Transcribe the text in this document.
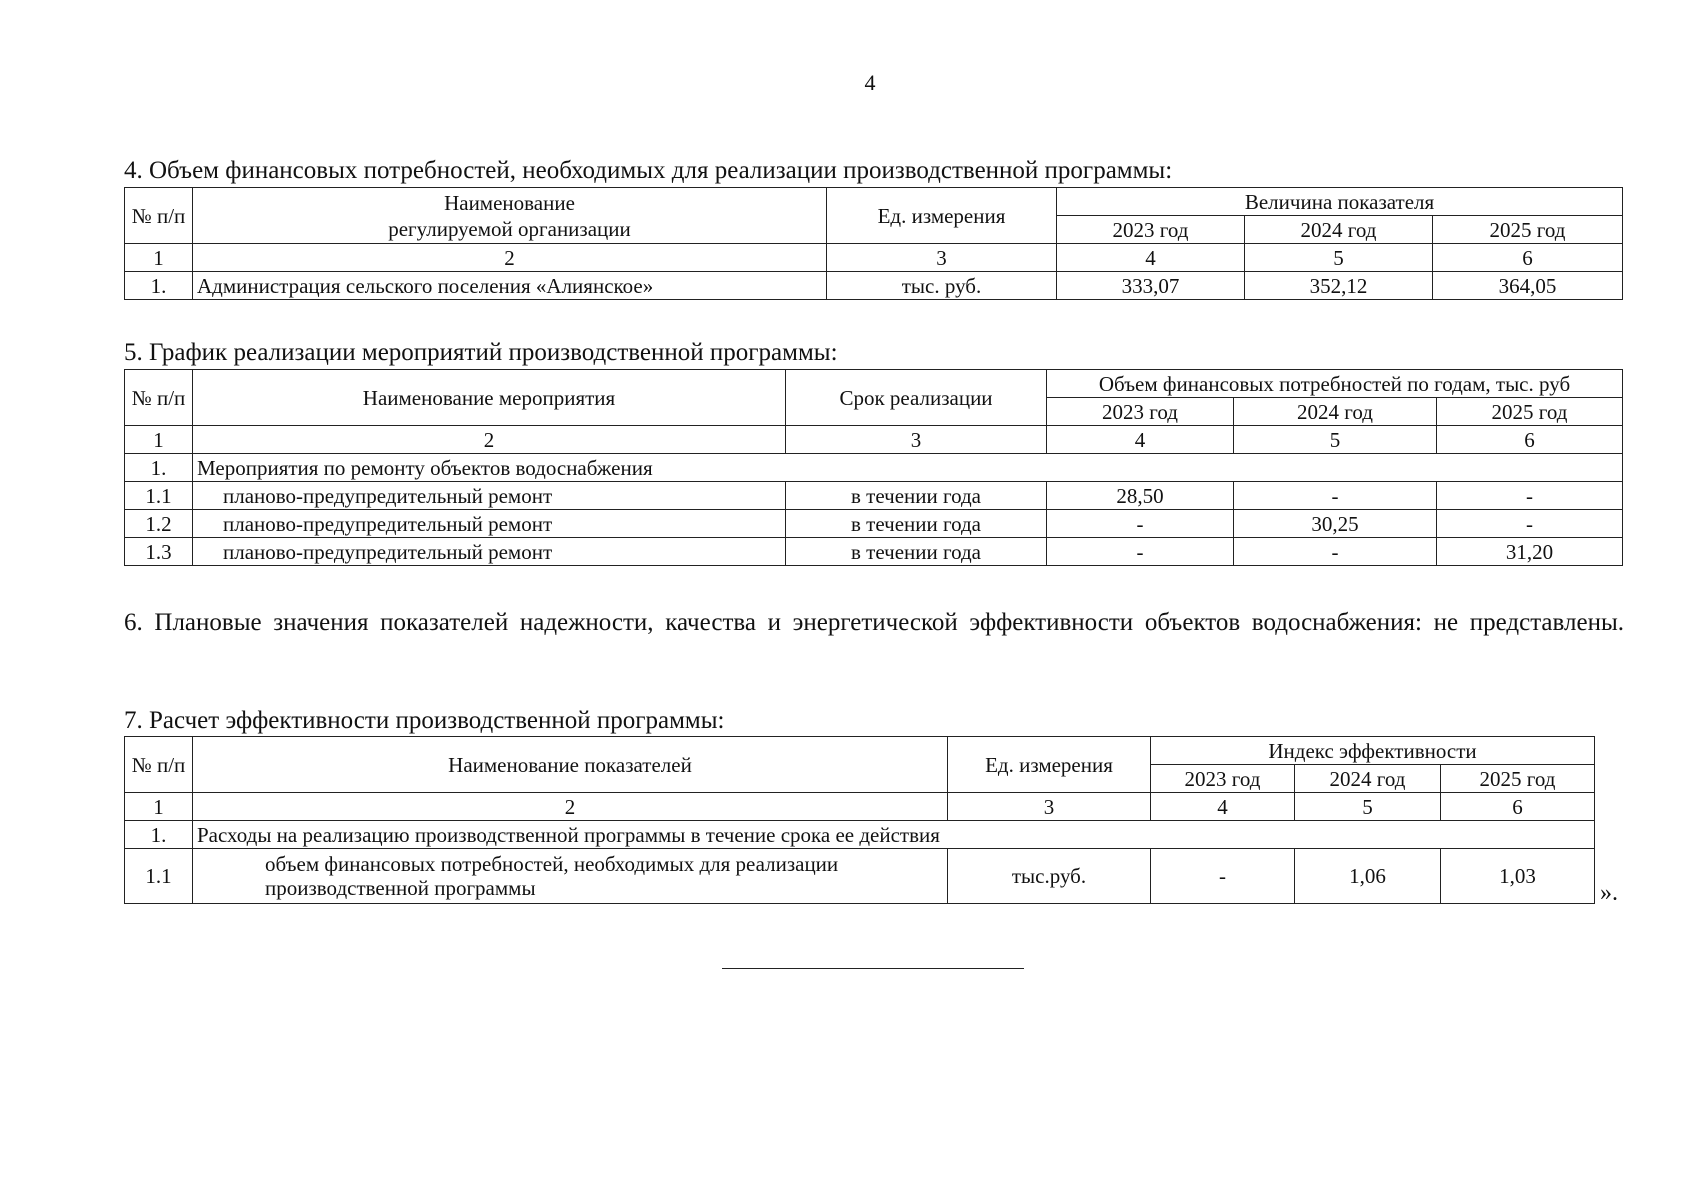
4
4. Объем финансовых потребностей, необходимых для реализации производственной программы:
№ п/п	Наименование регулируемой организации	Ед. измерения	Величина показателя		
			2023 год	2024 год	2025 год
1	2	3	4	5	6
1.	Администрация сельского поселения «Алиянское»	тыс. руб.	333,07	352,12	364,05
5. График реализации мероприятий производственной программы:
№ п/п	Наименование мероприятия	Срок реализации	Объем финансовых потребностей по годам, тыс. руб		
			2023 год	2024 год	2025 год
1	2	3	4	5	6
1.	Мероприятия по ремонту объектов водоснабжения				
1.1	планово-предупредительный ремонт	в течении года	28,50	-	-
1.2	планово-предупредительный ремонт	в течении года	-	30,25	-
1.3	планово-предупредительный ремонт	в течении года	-	-	31,20
6. Плановые значения показателей надежности, качества и энергетической эффективности объектов водоснабжения: не представлены.
7. Расчет эффективности производственной программы:
№ п/п	Наименование показателей	Ед. измерения	Индекс эффективности		
			2023 год	2024 год	2025 год
1	2	3	4	5	6
1.	Расходы на реализацию производственной программы в течение срока ее действия				
1.1	объем финансовых потребностей, необходимых для реализации производственной программы	тыс.руб.	-	1,06	1,03
».
